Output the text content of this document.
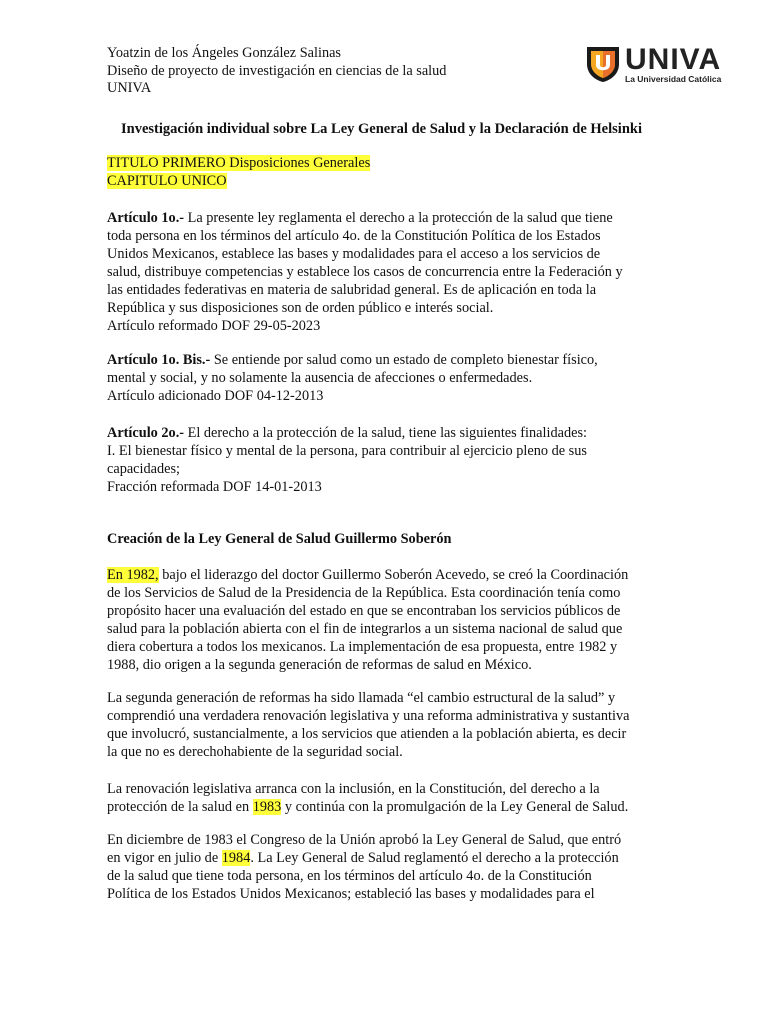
Yoatzin de los Ángeles González Salinas
Diseño de proyecto de investigación en ciencias de la salud
UNIVA
UNIVA
La Universidad Católica
Investigación individual sobre La Ley General de Salud y la Declaración de Helsinki

TITULO PRIMERO Disposiciones Generales

CAPITULO UNICO

Artículo 1o.- La presente ley reglamenta el derecho a la protección de la salud que tiene

toda persona en los términos del artículo 4o. de la Constitución Política de los Estados

Unidos Mexicanos, establece las bases y modalidades para el acceso a los servicios de

salud, distribuye competencias y establece los casos de concurrencia entre la Federación y

las entidades federativas en materia de salubridad general. Es de aplicación en toda la

República y sus disposiciones son de orden público e interés social.

Artículo reformado DOF 29-05-2023

Artículo 1o. Bis.- Se entiende por salud como un estado de completo bienestar físico,

mental y social, y no solamente la ausencia de afecciones o enfermedades.

Artículo adicionado DOF 04-12-2013

Artículo 2o.- El derecho a la protección de la salud, tiene las siguientes finalidades:

I. El bienestar físico y mental de la persona, para contribuir al ejercicio pleno de sus

capacidades;

Fracción reformada DOF 14-01-2013

Creación de la Ley General de Salud Guillermo Soberón

En 1982, bajo el liderazgo del doctor Guillermo Soberón Acevedo, se creó la Coordinación

de los Servicios de Salud de la Presidencia de la República. Esta coordinación tenía como

propósito hacer una evaluación del estado en que se encontraban los servicios públicos de

salud para la población abierta con el fin de integrarlos a un sistema nacional de salud que

diera cobertura a todos los mexicanos. La implementación de esa propuesta, entre 1982 y

1988, dio origen a la segunda generación de reformas de salud en México.

La segunda generación de reformas ha sido llamada “el cambio estructural de la salud” y

comprendió una verdadera renovación legislativa y una reforma administrativa y sustantiva

que involucró, sustancialmente, a los servicios que atienden a la población abierta, es decir

la que no es derechohabiente de la seguridad social.

La renovación legislativa arranca con la inclusión, en la Constitución, del derecho a la

protección de la salud en 1983 y continúa con la promulgación de la Ley General de Salud.

En diciembre de 1983 el Congreso de la Unión aprobó la Ley General de Salud, que entró

en vigor en julio de 1984. La Ley General de Salud reglamentó el derecho a la protección

de la salud que tiene toda persona, en los términos del artículo 4o. de la Constitución

Política de los Estados Unidos Mexicanos; estableció las bases y modalidades para el
